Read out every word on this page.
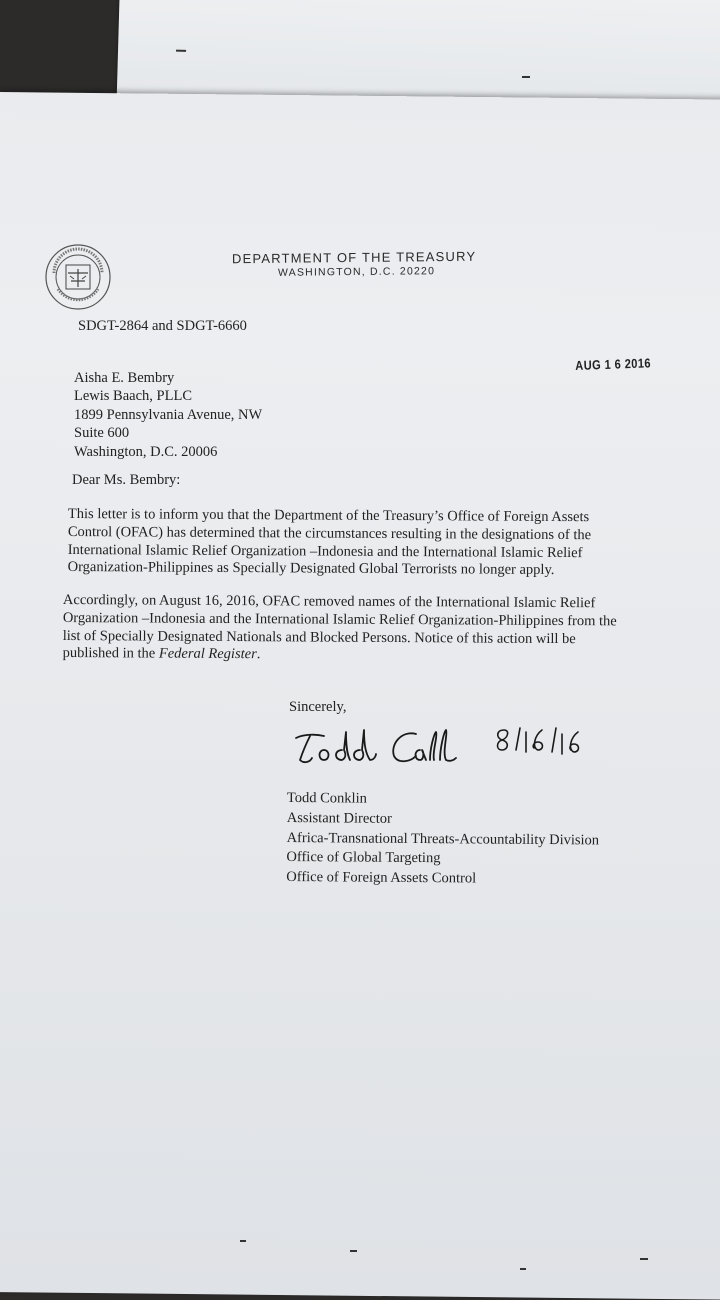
DEPARTMENT OF THE TREASURY
WASHINGTON, D.C. 20220
SDGT-2864 and SDGT-6660
AUG 1 6 2016
Aisha E. Bembry
Lewis Baach, PLLC
1899 Pennsylvania Avenue, NW
Suite 600
Washington, D.C. 20006
Dear Ms. Bembry:
This letter is to inform you that the Department of the Treasury’s Office of Foreign Assets
Control (OFAC) has determined that the circumstances resulting in the designations of the
International Islamic Relief Organization –Indonesia and the International Islamic Relief
Organization-Philippines as Specially Designated Global Terrorists no longer apply.
Accordingly, on August 16, 2016, OFAC removed names of the International Islamic Relief
Organization –Indonesia and the International Islamic Relief Organization-Philippines from the
list of Specially Designated Nationals and Blocked Persons. Notice of this action will be
published in the Federal Register.
Sincerely,
Todd Conklin
Assistant Director
Africa-Transnational Threats-Accountability Division
Office of Global Targeting
Office of Foreign Assets Control
